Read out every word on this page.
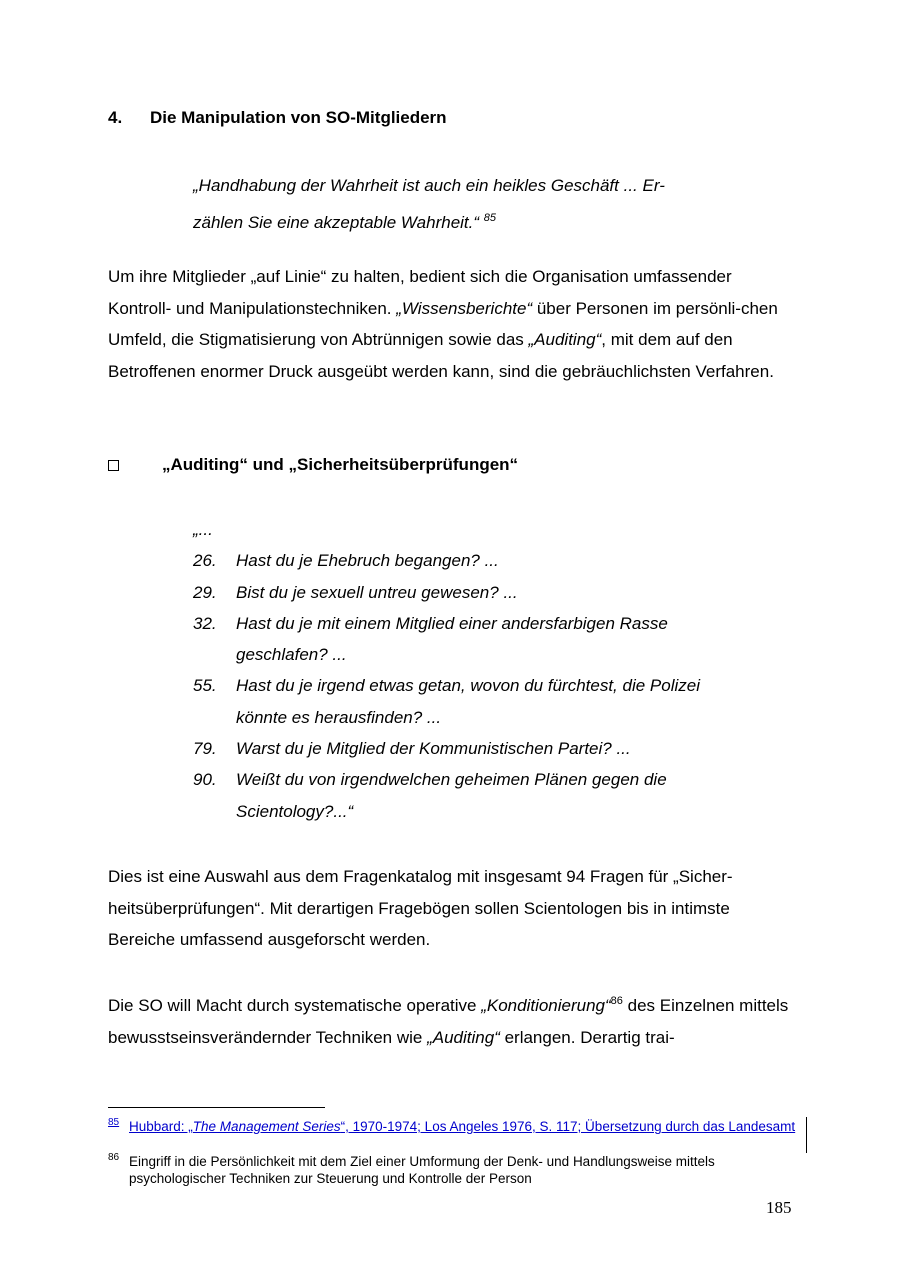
4. Die Manipulation von SO-Mitgliedern
„Handhabung der Wahrheit ist auch ein heikles Geschäft ... Er-
zählen Sie eine akzeptable Wahrheit.“ $^{85}$
Um ihre Mitglieder „auf Linie“ zu halten, bedient sich die Organisation umfassender Kontroll- und Manipulationstechniken. „Wissensberichte“ über Personen im persönli-chen Umfeld, die Stigmatisierung von Abtrünnigen sowie das „Auditing“, mit dem auf den Betroffenen enormer Druck ausgeübt werden kann, sind die gebräuchlichsten Verfahren.
„Auditing“ und „Sicherheitsüberprüfungen“
„...
26.	Hast du je Ehebruch begangen? ...
29.	Bist du je sexuell untreu gewesen? ...
32.	Hast du je mit einem Mitglied einer andersfarbigen Rasse geschlafen? ...
55.	Hast du je irgend etwas getan, wovon du fürchtest, die Polizei könnte es herausfinden? ...
79.	Warst du je Mitglied der Kommunistischen Partei? ...
90.	Weißt du von irgendwelchen geheimen Plänen gegen die Scientology?...“
Dies ist eine Auswahl aus dem Fragenkatalog mit insgesamt 94 Fragen für „Sicher-heitsüberprüfungen“. Mit derartigen Fragebögen sollen Scientologen bis in intimste Bereiche umfassend ausgeforscht werden.
Die SO will Macht durch systematische operative „Konditionierung“$^{86}$ des Einzelnen mittels bewusstseinsverändernder Techniken wie „Auditing“ erlangen. Derartig trai-
85 Hubbard: „The Management Series“, 1970-1974; Los Angeles 1976, S. 117; Übersetzung durch das Landesamt
86 Eingriff in die Persönlichkeit mit dem Ziel einer Umformung der Denk- und Handlungsweise mittels psychologischer Techniken zur Steuerung und Kontrolle der Person
185
